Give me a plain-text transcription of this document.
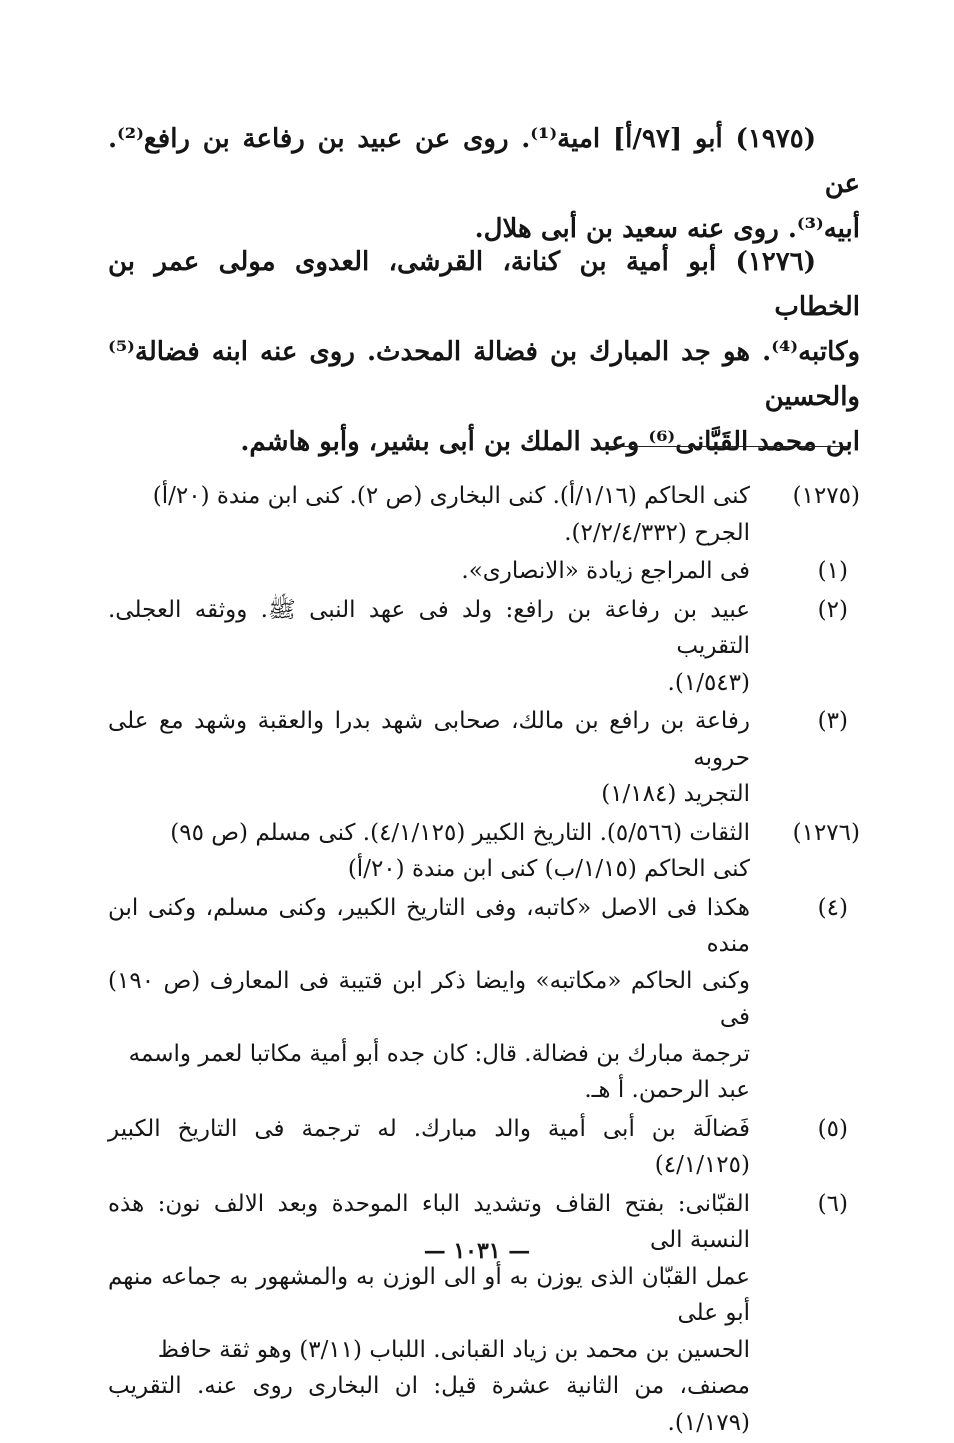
(١٩٧٥) أبو [٩٧/أ] امية⁽¹⁾. روى عن عبيد بن رفاعة بن رافع⁽²⁾. عن
أبيه⁽³⁾. روى عنه سعيد بن أبى هلال.

(١٢٧٦) أبو أمية بن كنانة، القرشى، العدوى مولى عمر بن الخطاب
وكاتبه⁽⁴⁾. هو جد المبارك بن فضالة المحدث. روى عنه ابنه فضالة⁽⁵⁾ والحسين
ابن محمد القَبَّانى⁽⁶⁾ وعبد الملك بن أبى بشير، وأبو هاشم.

(١٢٧٥)
كنى الحاكم (١/١٦/أ). كنى البخارى (ص ٢). كنى ابن مندة (٢٠/أ)
الجرح (٢/٢/٤/٣٣٢).
(١)
فى المراجع زيادة «الانصارى».
(٢)
عبيد بن رفاعة بن رافع: ولد فى عهد النبى ﷺ. ووثقه العجلى. التقريب
(١/٥٤٣).
(٣)
رفاعة بن رافع بن مالك، صحابى شهد بدرا والعقبة وشهد مع على حروبه
التجريد (١/١٨٤)
(١٢٧٦)
الثقات (٥/٥٦٦). التاريخ الكبير (٤/١/١٢٥). كنى مسلم (ص ٩٥)
كنى الحاكم (١/١٥/ب) كنى ابن مندة (٢٠/أ)
(٤)
هكذا فى الاصل «كاتبه، وفى التاريخ الكبير، وكنى مسلم، وكنى ابن منده
وكنى الحاكم «مكاتبه» وايضا ذكر ابن قتيبة فى المعارف (ص ١٩٠) فى
ترجمة مبارك بن فضالة. قال: كان جده أبو أمية مكاتبا لعمر واسمه
عبد الرحمن. أ هـ.
(٥)
فَضالَة بن أبى أمية والد مبارك. له ترجمة فى التاريخ الكبير (٤/١/١٢٥)
(٦)
القبّانى: بفتح القاف وتشديد الباء الموحدة وبعد الالف نون: هذه النسبة الى
عمل القبّان الذى يوزن به أو الى الوزن به والمشهور به جماعه منهم أبو على
الحسين بن محمد بن زياد القبانى. اللباب (٣/١١) وهو ثقة حافظ
مصنف، من الثانية عشرة قيل: ان البخارى روى عنه. التقريب (١/١٧٩).
— ١٠٣١ —
